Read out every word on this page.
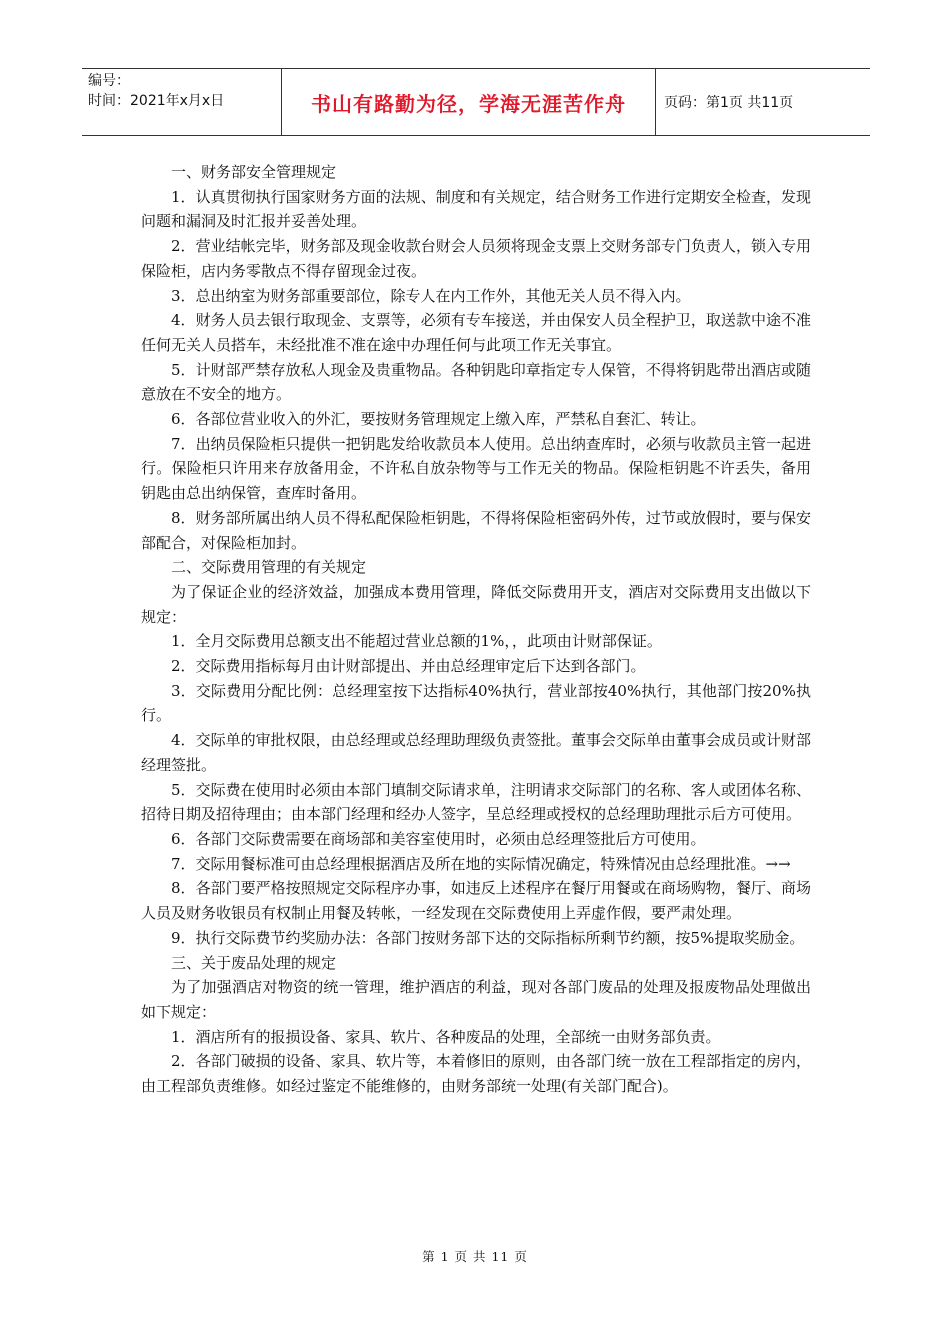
编号：
时间：2021年x月x日	书山有路勤为径，学海无涯苦作舟	页码：第1页 共11页

一、财务部安全管理规定

1．认真贯彻执行国家财务方面的法规、制度和有关规定，结合财务工作进行定期安全检查，发现问题和漏洞及时汇报并妥善处理。

2．营业结帐完毕，财务部及现金收款台财会人员须将现金支票上交财务部专门负责人，锁入专用保险柜，店内务零散点不得存留现金过夜。

3．总出纳室为财务部重要部位，除专人在内工作外，其他无关人员不得入内。

4．财务人员去银行取现金、支票等，必须有专车接送，并由保安人员全程护卫，取送款中途不准任何无关人员搭车，未经批准不准在途中办理任何与此项工作无关事宜。

5．计财部严禁存放私人现金及贵重物品。各种钥匙印章指定专人保管，不得将钥匙带出酒店或随意放在不安全的地方。

6．各部位营业收入的外汇，要按财务管理规定上缴入库，严禁私自套汇、转让。

7．出纳员保险柜只提供一把钥匙发给收款员本人使用。总出纳查库时，必须与收款员主管一起进行。保险柜只许用来存放备用金，不许私自放杂物等与工作无关的物品。保险柜钥匙不许丢失，备用钥匙由总出纳保管，查库时备用。

8．财务部所属出纳人员不得私配保险柜钥匙，不得将保险柜密码外传，过节或放假时，要与保安部配合，对保险柜加封。

二、交际费用管理的有关规定

为了保证企业的经济效益，加强成本费用管理，降低交际费用开支，酒店对交际费用支出做以下规定：

1．全月交际费用总额支出不能超过营业总额的1%，，此项由计财部保证。

2．交际费用指标每月由计财部提出、并由总经理审定后下达到各部门。

3．交际费用分配比例：总经理室按下达指标40%执行，营业部按40%执行，其他部门按20%执行。

4．交际单的审批权限，由总经理或总经理助理级负责签批。董事会交际单由董事会成员或计财部经理签批。

5．交际费在使用时必须由本部门填制交际请求单，注明请求交际部门的名称、客人或团体名称、招待日期及招待理由；由本部门经理和经办人签字，呈总经理或授权的总经理助理批示后方可使用。

6．各部门交际费需要在商场部和美容室使用时，必须由总经理签批后方可使用。

7．交际用餐标准可由总经理根据酒店及所在地的实际情况确定，特殊情况由总经理批准。→→

8．各部门要严格按照规定交际程序办事，如违反上述程序在餐厅用餐或在商场购物，餐厅、商场人员及财务收银员有权制止用餐及转帐，一经发现在交际费使用上弄虚作假，要严肃处理。

9．执行交际费节约奖励办法：各部门按财务部下达的交际指标所剩节约额，按5%提取奖励金。

三、关于废品处理的规定

为了加强酒店对物资的统一管理，维护酒店的利益，现对各部门废品的处理及报废物品处理做出如下规定：

1．酒店所有的报损设备、家具、软片、各种废品的处理，全部统一由财务部负责。

2．各部门破损的设备、家具、软片等，本着修旧的原则，由各部门统一放在工程部指定的房内，由工程部负责维修。如经过鉴定不能维修的，由财务部统一处理(有关部门配合)。

第 1 页 共 11 页
